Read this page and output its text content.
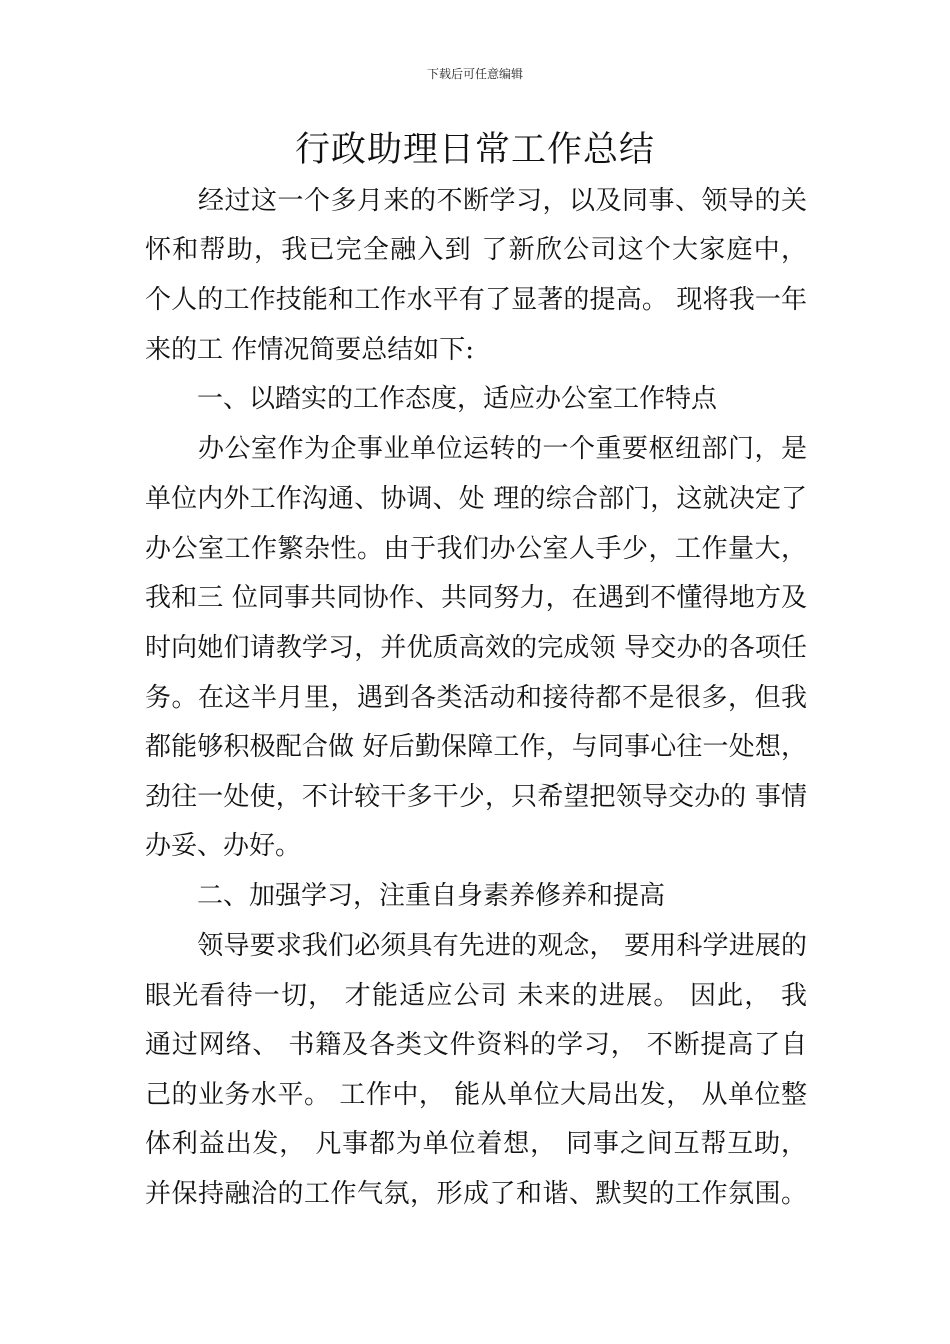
下载后可任意编辑
行政助理日常工作总结
　　经过这一个多月来的不断学习，以及同事、领导的关
怀和帮助，我已完全融入到 了新欣公司这个大家庭中，
个人的工作技能和工作水平有了显著的提高。 现将我一年
来的工 作情况简要总结如下:
　　一、以踏实的工作态度，适应办公室工作特点
　　办公室作为企事业单位运转的一个重要枢纽部门，是
单位内外工作沟通、协调、处 理的综合部门，这就决定了
办公室工作繁杂性。由于我们办公室人手少，工作量大，
我和三 位同事共同协作、共同努力，在遇到不懂得地方及
时向她们请教学习，并优质高效的完成领 导交办的各项任
务。在这半月里，遇到各类活动和接待都不是很多，但我
都能够积极配合做 好后勤保障工作，与同事心往一处想，
劲往一处使，不计较干多干少，只希望把领导交办的 事情
办妥、办好。
　　二、加强学习，注重自身素养修养和提高
　　领导要求我们必须具有先进的观念， 要用科学进展的
眼光看待一切， 才能适应公司 未来的进展。 因此， 我
通过网络、 书籍及各类文件资料的学习， 不断提高了自
己的业务水平。 工作中， 能从单位大局出发， 从单位整
体利益出发， 凡事都为单位着想， 同事之间互帮互助，
并保持融洽的工作气氛，形成了和谐、默契的工作氛围。
